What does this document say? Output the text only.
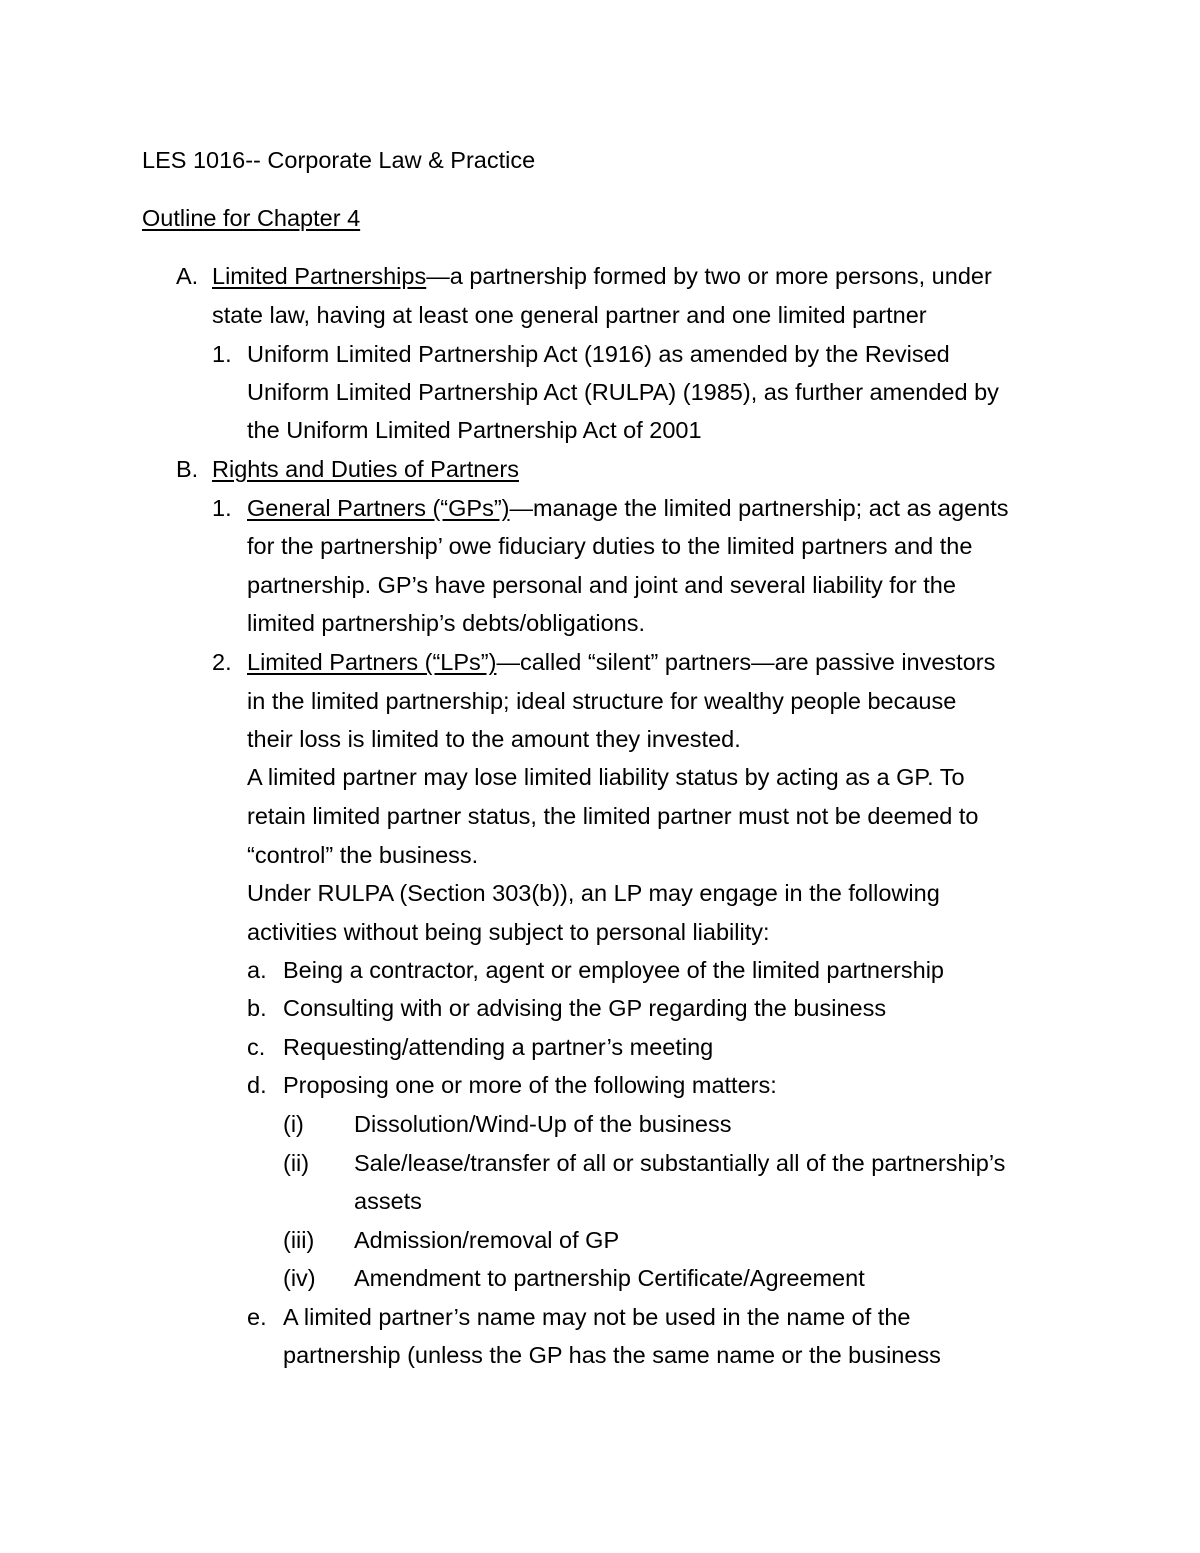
LES 1016-- Corporate Law & Practice
Outline for Chapter 4
A. Limited Partnerships—a partnership formed by two or more persons, under
state law, having at least one general partner and one limited partner
1. Uniform Limited Partnership Act (1916) as amended by the Revised
Uniform Limited Partnership Act (RULPA) (1985), as further amended by
the Uniform Limited Partnership Act of 2001
B. Rights and Duties of Partners
1. General Partners (“GPs”)—manage the limited partnership; act as agents
for the partnership’ owe fiduciary duties to the limited partners and the
partnership. GP’s have personal and joint and several liability for the
limited partnership’s debts/obligations.
2. Limited Partners (“LPs”)—called “silent” partners—are passive investors
in the limited partnership; ideal structure for wealthy people because
their loss is limited to the amount they invested.
A limited partner may lose limited liability status by acting as a GP. To
retain limited partner status, the limited partner must not be deemed to
“control” the business.
Under RULPA (Section 303(b)), an LP may engage in the following
activities without being subject to personal liability:
a. Being a contractor, agent or employee of the limited partnership
b. Consulting with or advising the GP regarding the business
c. Requesting/attending a partner’s meeting
d. Proposing one or more of the following matters:
(i) Dissolution/Wind-Up of the business
(ii) Sale/lease/transfer of all or substantially all of the partnership’s
assets
(iii) Admission/removal of GP
(iv) Amendment to partnership Certificate/Agreement
e. A limited partner’s name may not be used in the name of the
partnership (unless the GP has the same name or the business
